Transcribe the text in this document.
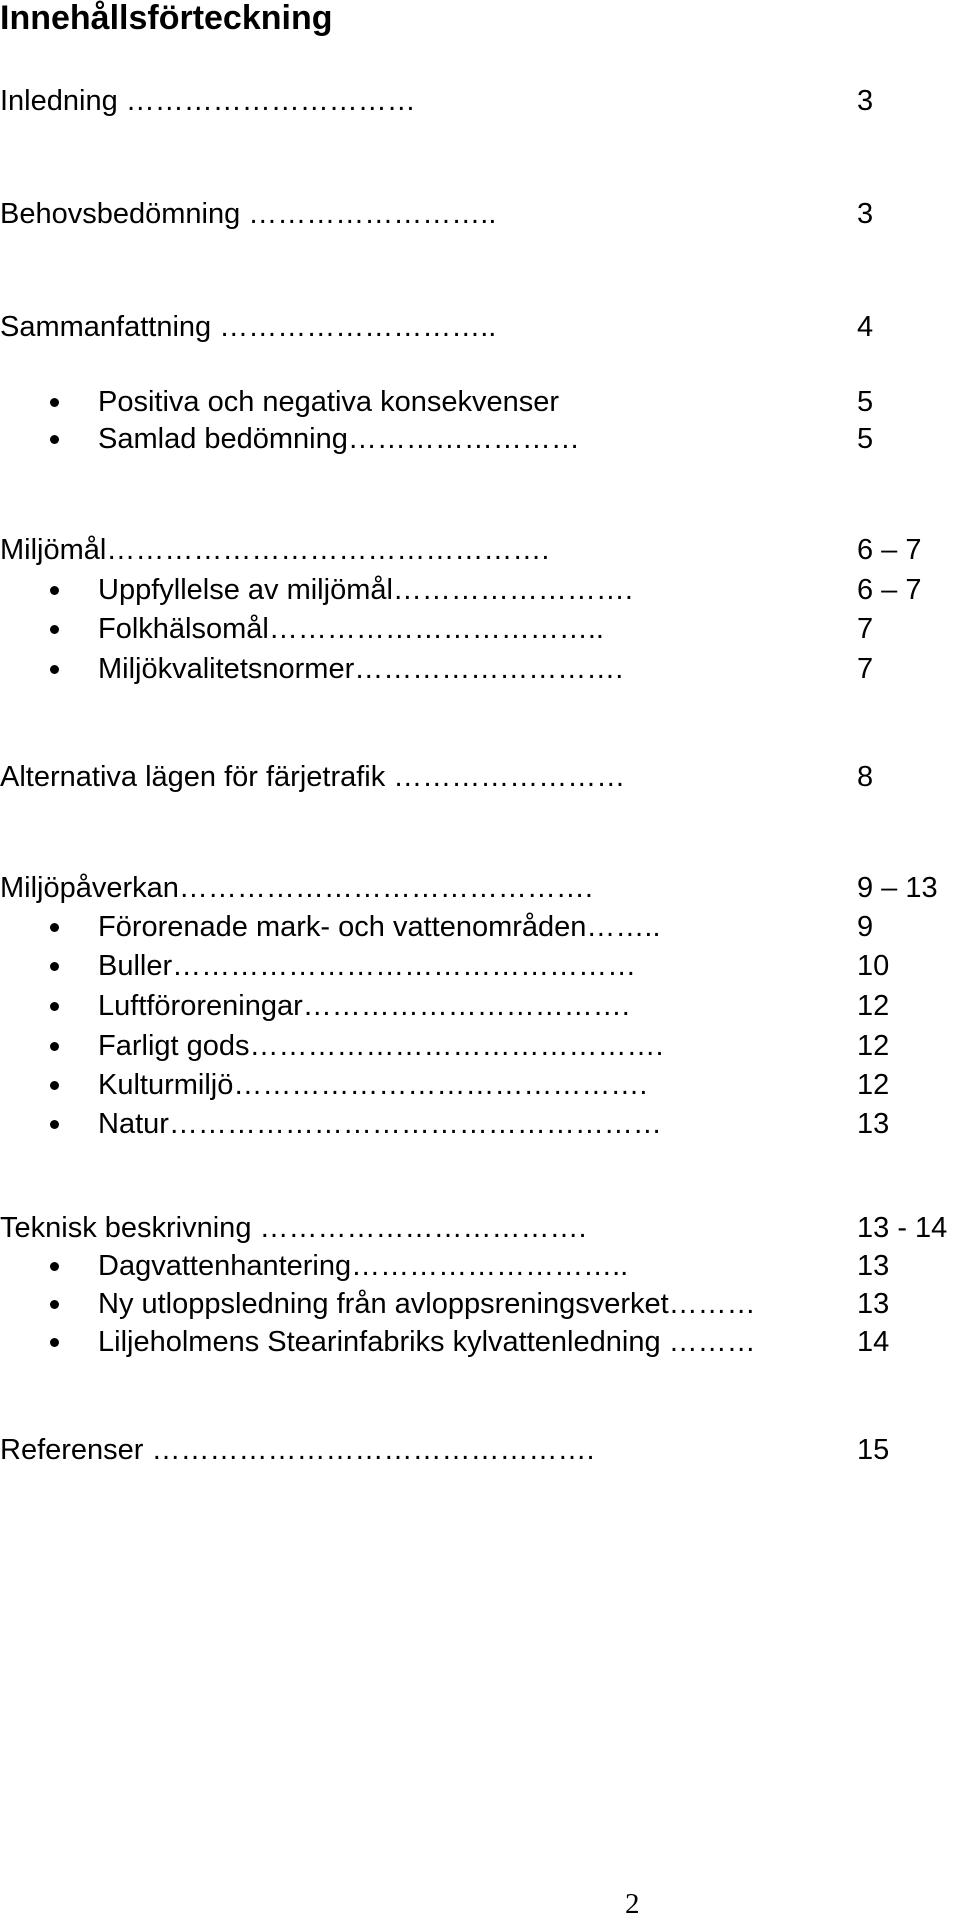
Innehållsförteckning
Inledning …………………………	3
Behovsbedömning ……………………..	3
Sammanfattning ………………………..	4
Positiva och negativa konsekvenser	5
Samlad bedömning……………………	5
Miljömål……………………………………….	6 – 7
Uppfyllelse av miljömål…………………….	6 – 7
Folkhälsomål……………………………..	7
Miljökvalitetsnormer……………………….	7
Alternativa lägen för färjetrafik ……………………	8
Miljöpåverkan…………………………………….	9 – 13
Förorenade mark- och vattenområden……..	9
Buller…………………………………………	10
Luftföroreningar…………………………….	12
Farligt gods…………………………………….	12
Kulturmiljö…………………………………….	12
Natur……………………………………………	13
Teknisk beskrivning …………………………….	13 - 14
Dagvattenhantering………………………..	13
Ny utloppsledning från avloppsreningsverket………	13
Liljeholmens Stearinfabriks kylvattenledning ………	14
Referenser ……………………………………….	15
2
